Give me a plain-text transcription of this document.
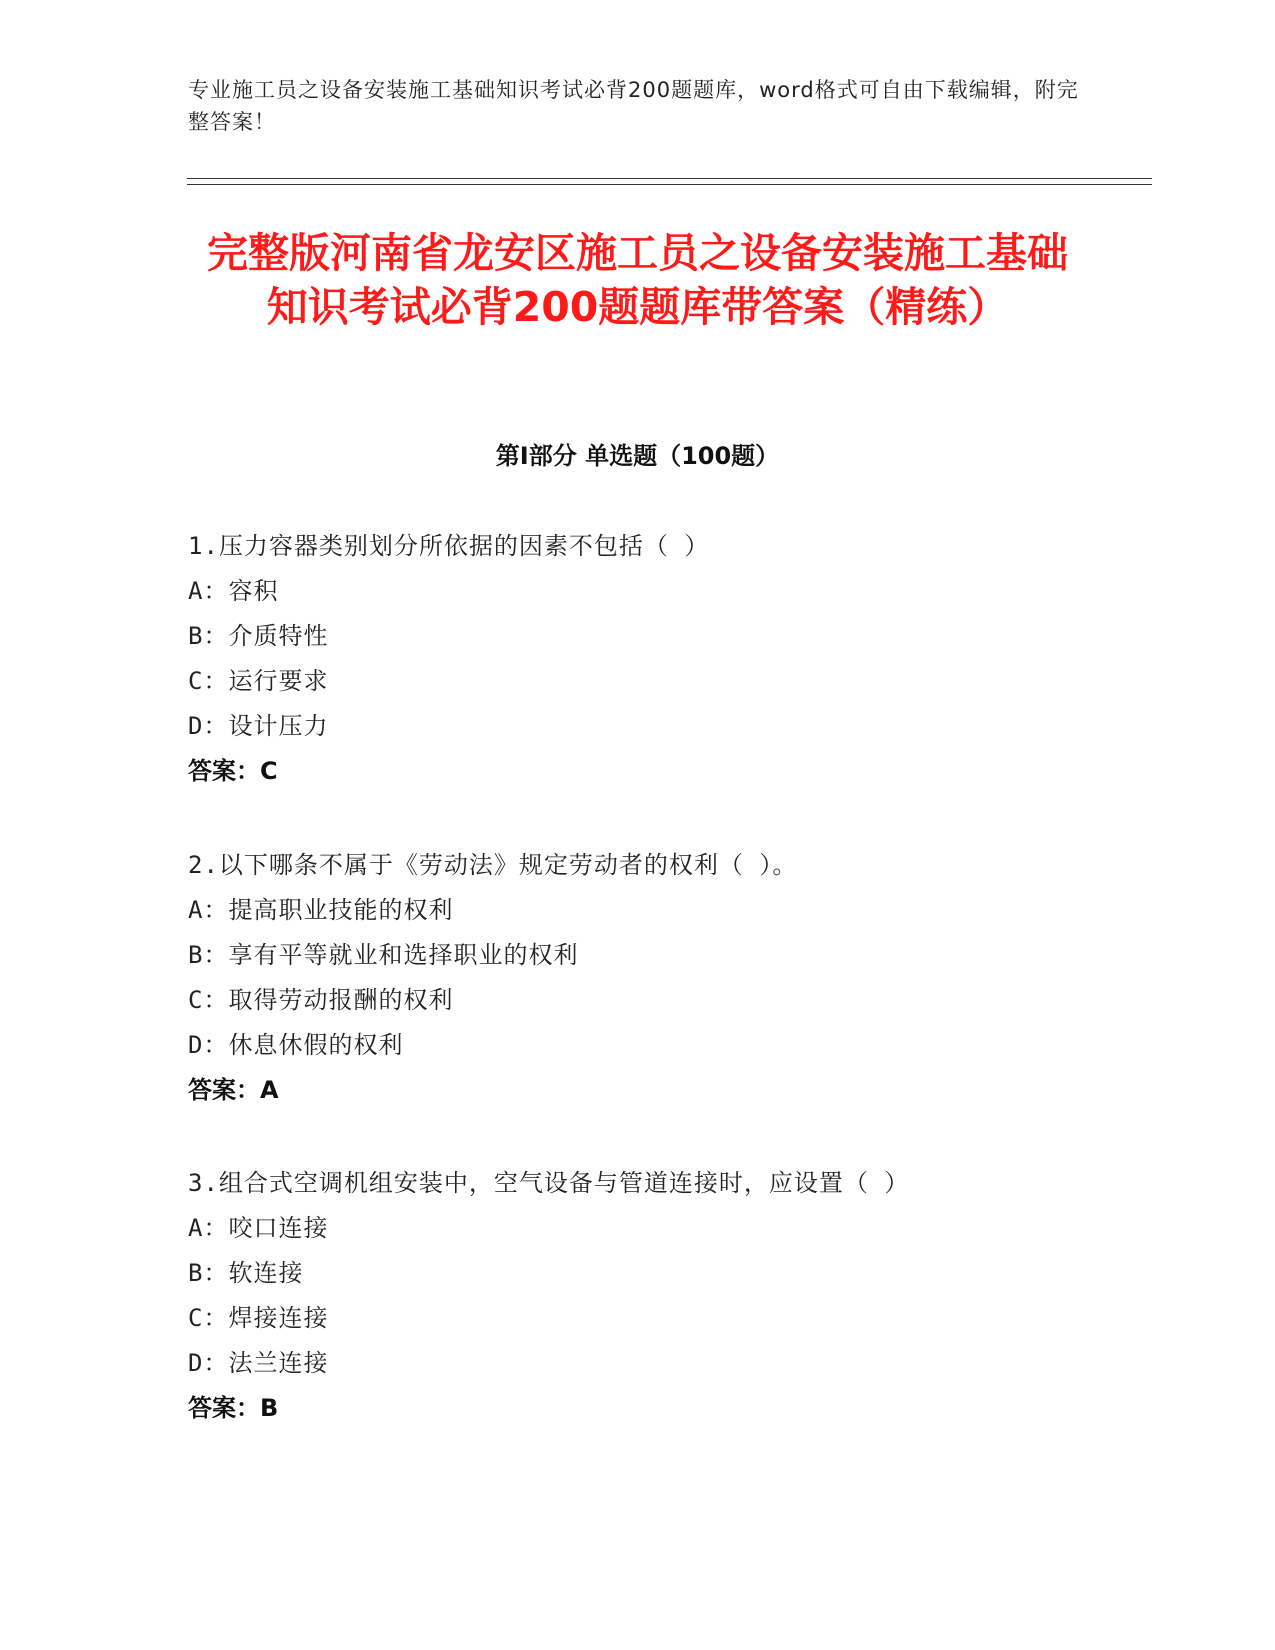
专业施工员之设备安装施工基础知识考试必背200题题库，word格式可自由下载编辑，附完整答案！
完整版河南省龙安区施工员之设备安装施工基础知识考试必背200题题库带答案（精练）
第I部分 单选题（100题）
1.压力容器类别划分所依据的因素不包括（ ）
A：容积
B：介质特性
C：运行要求
D：设计压力
答案：C
2.以下哪条不属于《劳动法》规定劳动者的权利（ ）。
A：提高职业技能的权利
B：享有平等就业和选择职业的权利
C：取得劳动报酬的权利
D：休息休假的权利
答案：A
3.组合式空调机组安装中，空气设备与管道连接时，应设置（ ）
A：咬口连接
B：软连接
C：焊接连接
D：法兰连接
答案：B
